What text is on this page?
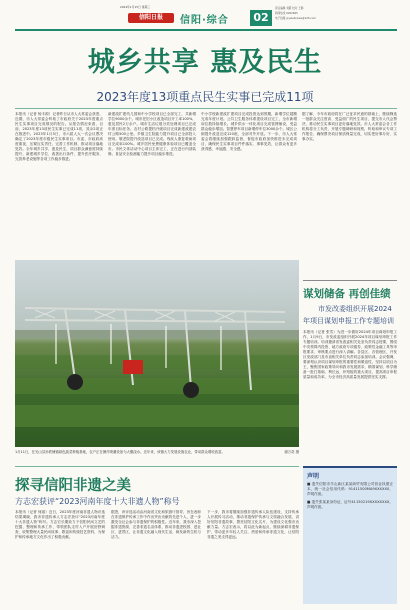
2024年1月15日 星期三
信阳日报	信阳·综合	02
责任编辑 刘霞 校对 王静
新闻热线 6262965
电子信箱 jxywebnews@126.com
城乡共享 惠及民生
2023年度13项重点民生实事已完成11项
本报讯（记者 杨丰源）记者昨日从市人大常委会获悉，近期，市人大常委会听取了市政府关于2023年度重点民生实事项目完成情况的报告。从报告情况来看，目前，2023年度13项民生实事已完成11项，其余2项正在推进中。2023年1月5日，市六届人大一次会议票决确定了2023年度市级民生实事项目。市委、市政府高度重视，压紧压实责任，完善工作机制，推动项目落地见效。全年城乡共享、惠及民生，项目群众满意度持续提升，新建城乡学位、改善出行条件、提升医疗服务、完善养老设施等各项工作稳步推进。
新建改扩建幼儿园和中小学校项目已全部完工，共新增学位9000余个。城市老旧小区改造项目开工率100%，惠及居民2万余户。城市生活垃圾分类处理项目已完成年度目标任务。农村公路提档升级项目完成新建改建农村公路500公里。乡镇卫生院能力提升项目已全部投入使用。敬老院提升改造项目已完成。残疾人康复救助项目完成率100%。城乡居民免费健康体检项目已覆盖全市。市民文体活动中心项目主体完工，正在进行内部装修。食品安全检测能力提升项目稳步推进。
中小学校新建改扩建项目完成投资达到预期，新增学位超额完成年度计划。公共卫生服务体系建设项目完工，全市新增床位数持续增长。城乡供水一体化项目完成管网铺设，受益群众稳步增加。智慧停车项目新增停车位3000余个。城区公厕提升改造完成120座，全部对外开放。下一步，市人大常委会将继续加强跟踪监督，督促市政府加快推进未完成项目，确保民生实事项目件件落实、事事见效，让群众有更多获得感、幸福感、安全感。
据了解，今年市政府将在广泛征求民意的基础上，继续筛选一批群众关注度高、受益面广的民生项目，提交市人代会票决，推动民生实事项目更好落地见效。市人大常委会各工作机构将分工负责，开展专题调研和视察，听取和审议专项工作报告，确保票决项目保质保量完成，切实把好事办好、实事办实。
1月11日，在光山县孙铁铺镇绿色蔬菜种植基地，农户正在操作喷灌设备为大棚浇水。近年来，该镇大力发展设施农业，带动群众增收致富。	谢万奇 摄
谋划储备 再创佳绩
市发改委组织开展2024
年项目谋划申报工作专题培训
本报讯（记者 张雪）为进一步做好2024年项目谋划申报工作，1月9日，市发改委组织开展2024年项目谋划申报工作专题培训。培训邀请省发改委相关处室负责同志授课，围绕中央预算内投资、地方政府专项债券、政策性金融工具等申报要求、审核要点进行深入讲解。各县区、各管理区、开发区发改部门及市直相关单位负责同志参加培训。会议强调，要深刻认识项目谋划申报的重要性和紧迫性，坚持以项目为王，聚焦国家政策导向和我市发展需求，精准谋划、科学储备一批打基础、利长远、补短板的重大项目，提高项目申报质量和成功率，为全市经济高质量发展提供坚实支撑。
探寻信阳非遗之美
方志宏获评“2023河南年度十大非遗人物”称号
本报讯（记者 何丽）近日，2023年度河南非遗人物评选结果揭晓，我市非遗传承人方志宏获评“2023河南年度十大非遗人物”称号。方志宏长期致力于信阳民间文艺的挖掘、整理和传承工作，带领团队走村入户开展田野调查，收集整理大量民间故事、歌谣和传统技艺资料，为保护和传承地方文化作出了积极贡献。
据悉，该评选活动由河南省文化和旅游厅指导，旨在表彰在非遗保护传承工作中作出突出贡献的先进个人，进一步激发全社会参与非遗保护的积极性。近年来，我市深入挖掘非遗资源，完善非遗名录体系，推动非遗进校园、进社区、进景区，让非遗文化融入现代生活，焕发新的生机与活力。
下一步，我市将继续加强非遗传承人队伍建设，支持传承人开展传习活动，推动非遗保护传承与文旅融合发展，讲好信阳非遗故事，擦亮信阳文化名片，为建设文化强市贡献力量。方志宏表示，将以此为新起点，继续深耕非遗保护，带动更多年轻人关注、热爱和传承非遗文化，让信阳非遗之美走得更远。
声明
■ 遗失信阳市羊山新区某某商贸有限公司营业执照正本，统一社会信用代码：91411500MA9XXXXX0，声明作废。
■ 遗失张某某身份证，证号41150219XXXXXXXX，声明作废。
